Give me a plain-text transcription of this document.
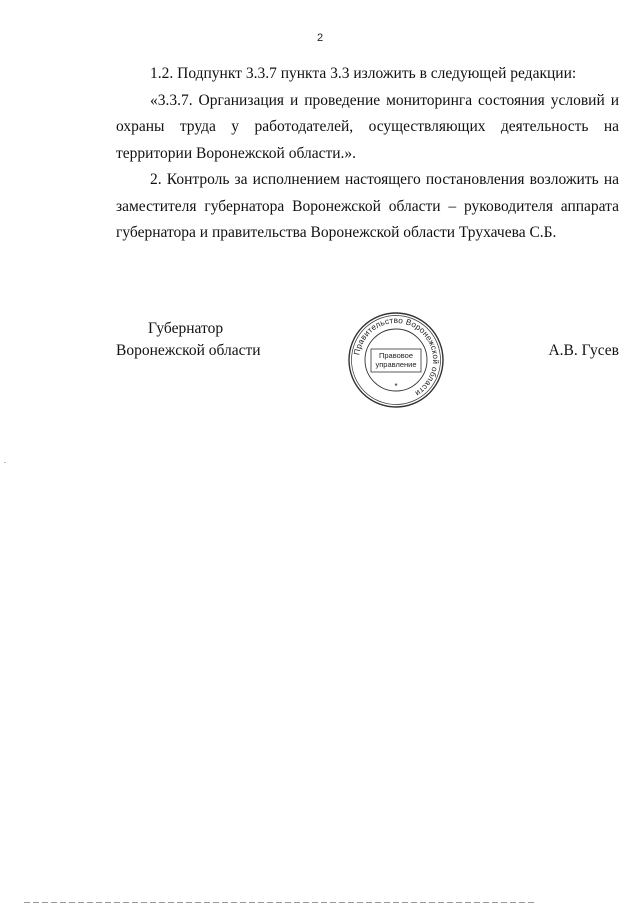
2

1.2. Подпункт 3.3.7 пункта 3.3 изложить в следующей редакции:

«3.3.7. Организация и проведение мониторинга состояния условий и охраны труда у работодателей, осуществляющих деятельность на территории Воронежской области.».

2. Контроль за исполнением настоящего постановления возложить на заместителя губернатора Воронежской области – руководителя аппарата губернатора и правительства Воронежской области Трухачева С.Б.

Губернатор
Воронежской области	А.В. Гусев
Правительство Воронежской области
Правовое
управление
*
